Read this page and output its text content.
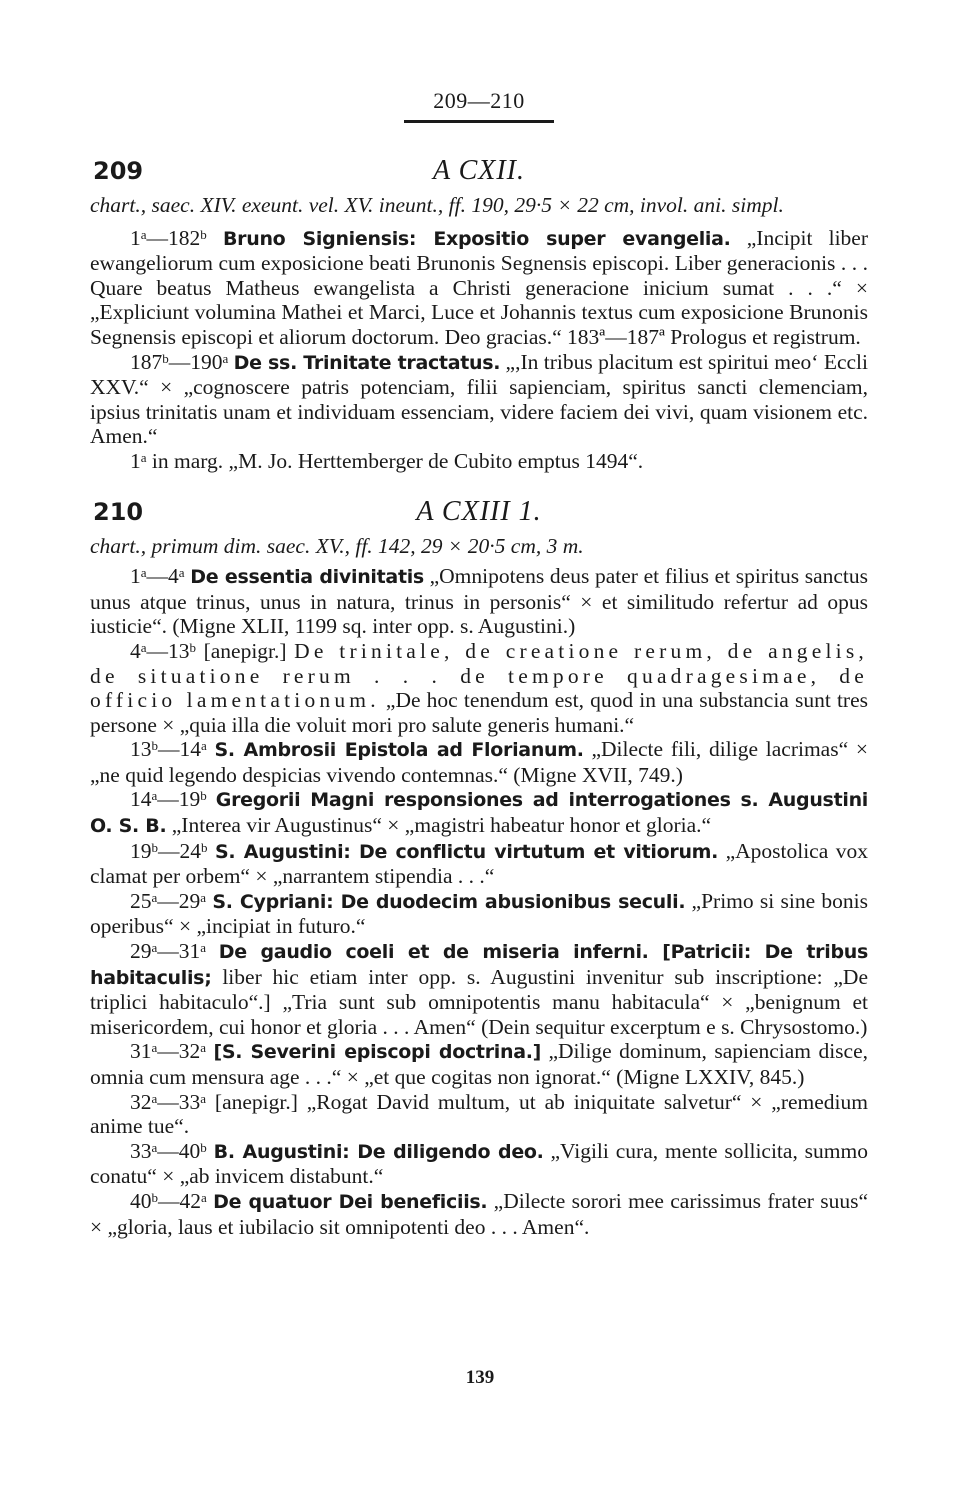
209—210
209	A CXII.

chart., saec. XIV. exeunt. vel. XV. ineunt., ff. 190, 29·5 × 22 cm, invol. ani. simpl.

1$^a$—182$^b$ Bruno Signiensis: Expositio super evangelia. „Incipit liber ewangeliorum cum exposicione beati Brunonis Segnensis episcopi. Liber generacionis . . . Quare beatus Matheus ewangelista a Christi generacione inicium sumat . . .“ × „Expliciunt volumina Mathei et Marci, Luce et Johannis textus cum exposicione Brunonis Segnensis episcopi et aliorum doctorum. Deo gracias.“ 183ª—187ª Prologus et registrum.

187$^b$—190$^a$ De ss. Trinitate tractatus. „,In tribus placitum est spiritui meo‘ Eccli XXV.“ × „cognoscere patris potenciam, filii sapienciam, spiritus sancti clemenciam, ipsius trinitatis unam et individuam essenciam, videre faciem dei vivi, quam visionem etc. Amen.“

1$^a$ in marg. „M. Jo. Herttemberger de Cubito emptus 1494“.

210	A CXIII 1.

chart., primum dim. saec. XV., ff. 142, 29 × 20·5 cm, 3 m.

1$^a$—4$^a$ De essentia divinitatis „Omnipotens deus pater et filius et spiritus sanctus unus atque trinus, unus in natura, trinus in personis“ × et similitudo refertur ad opus iusticie“. (Migne XLII, 1199 sq. inter opp. s. Augustini.)

4$^a$—13$^b$ [anepigr.] De trinitale, de creatione rerum, de angelis, de situatione rerum . . . de tempore quadragesimae, de officio lamentationum. „De hoc tenendum est, quod in una substancia sunt tres persone × „quia illa die voluit mori pro salute generis humani.“

13$^b$—14$^a$ S. Ambrosii Epistola ad Florianum. „Dilecte fili, dilige lacrimas“ × „ne quid legendo despicias vivendo contemnas.“ (Migne XVII, 749.)

14$^a$—19$^b$ Gregorii Magni responsiones ad interrogationes s. Augustini O. S. B. „Interea vir Augustinus“ × „magistri habeatur honor et gloria.“

19$^b$—24$^b$ S. Augustini: De conflictu virtutum et vitiorum. „Apostolica vox clamat per orbem“ × „narrantem stipendia . . .“

25$^a$—29$^a$ S. Cypriani: De duodecim abusionibus seculi. „Primo si sine bonis operibus“ × „incipiat in futuro.“

29$^a$—31$^a$ De gaudio coeli et de miseria inferni. [Patricii: De tribus habitaculis; liber hic etiam inter opp. s. Augustini invenitur sub inscriptione: „De triplici habitaculo“.] „Tria sunt sub omnipotentis manu habitacula“ × „benignum et misericordem, cui honor et gloria . . . Amen“ (Dein sequitur excerptum e s. Chrysostomo.)

31$^a$—32$^a$ [S. Severini episcopi doctrina.] „Dilige dominum, sapienciam disce, omnia cum mensura age . . .“ × „et que cogitas non ignorat.“ (Migne LXXIV, 845.)

32$^a$—33$^a$ [anepigr.] „Rogat David multum, ut ab iniquitate salvetur“ × „remedium anime tue“.

33$^a$—40$^b$ B. Augustini: De diligendo deo. „Vigili cura, mente sollicita, summo conatu“ × „ab invicem distabunt.“

40$^b$—42$^a$ De quatuor Dei beneficiis. „Dilecte sorori mee carissimus frater suus“ × „gloria, laus et iubilacio sit omnipotenti deo . . . Amen“.

139
